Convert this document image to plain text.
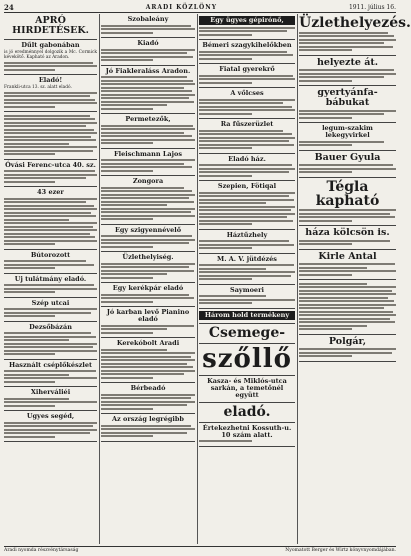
24	ARADI KÖZLÖNY	1911. július 16.
APRÓ HIRDETÉSEK.
Dűlt gabonában

is jó eredménnyel dolgozik a Mc. Cormick kévekötő. Kapható az Aradon.

Eladó!

Frankli-utca 13. sz. alatt eladó.

Óvási Ferenc-utca 40. sz.
43 ezer
Bútorozott
Uj tulátmány eladó.
Szép utcai
Dezsőbázán
Használt cséplőkészlet
Xiherváliéi
Ugyes segéd,
Szobaleány
Kiadó
Jó Fiakleraláss Aradon.
Permetezők,
Fleischmann Lajos
Zongora
Egy szigyennévelő
Üzlethelyiség.
Egy kerékpár eladó
Jó karban levő Pianino eladó
Kerekóbolt Aradi
Bérbeadó
Az ország legrégibb
Egy ügyes gépirónő,
Bémeri szagykihelőkben
Fiatal gyerekrő
A vőlcses
Ra fűszerüzlet
Eladó ház.
Szepien, Fötiqal
Háztűzhely
M. A. V. jütdézés
Saymoeri
Három hold termékeny
Csemege-
szőllő
Kasza- és Miklós-utca sarkán, a temetőnél együtt
eladó.
Értekezhetni Kossuth-u. 10 szám alatt.
Üzlethelyezés.
helyezte át.
gyertyánfa-bábukat
legum-szakim lekegyvirkel
Bauer Gyula
Tégla kapható
háza kölcsön is.
Kirle Antal
Polgár,
Aradi nyomda részvénytársaság	Nyomatott Berger és Wirtz könyvnyomdájában.
